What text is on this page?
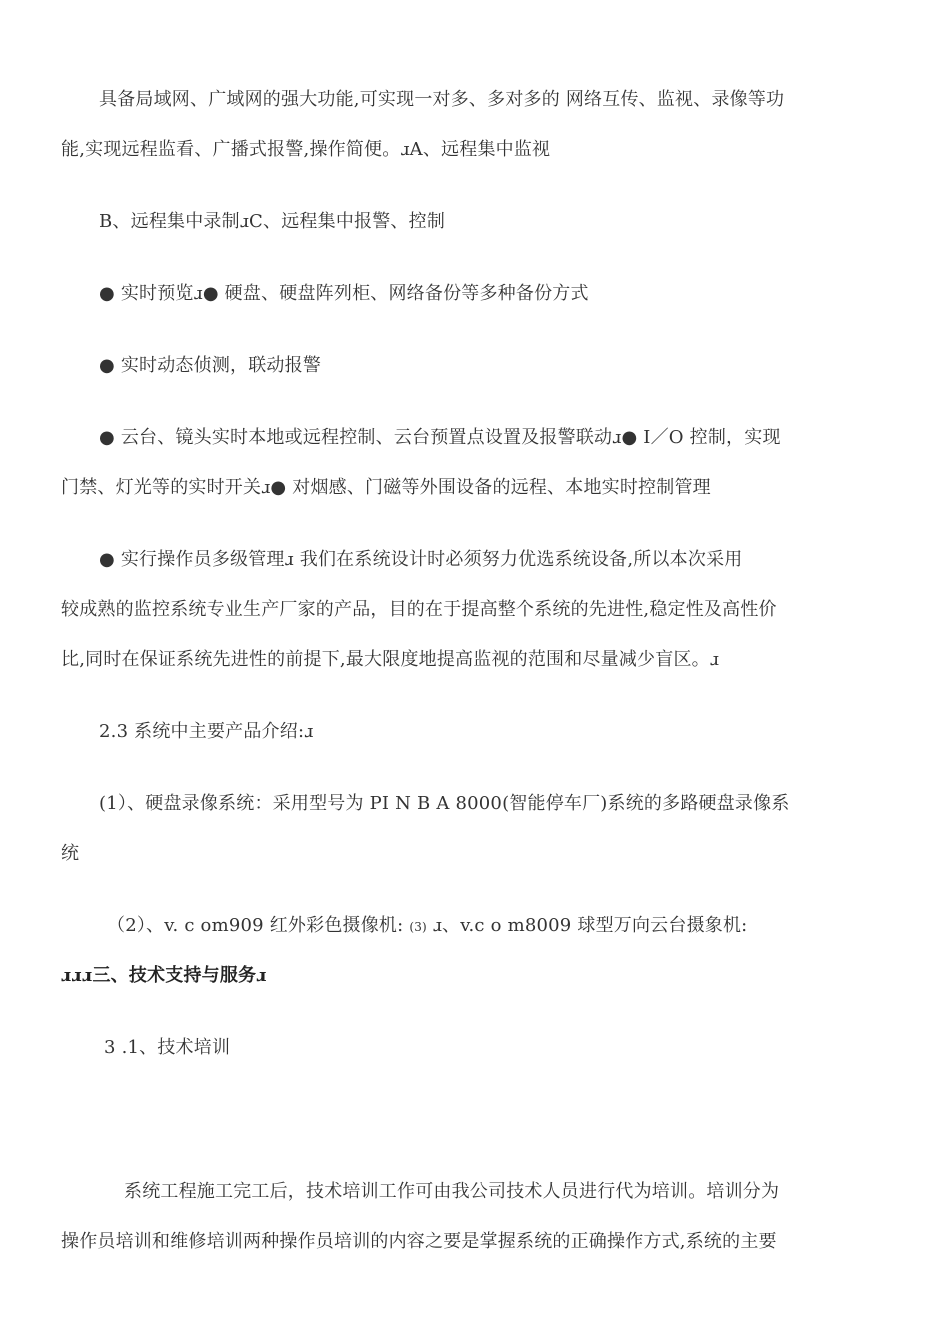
具备局域网、广域网的强大功能,可实现一对多、多对多的 网络互传、监视、录像等功
能,实现远程监看、广播式报警,操作简便。ɹA、远程集中监视
B、远程集中录制ɹC、远程集中报警、控制
● 实时预览ɹ● 硬盘、硬盘阵列柜、网络备份等多种备份方式
● 实时动态侦测，联动报警
● 云台、镜头实时本地或远程控制、云台预置点设置及报警联动ɹ● I／O 控制，实现
门禁、灯光等的实时开关ɹ● 对烟感、门磁等外围设备的远程、本地实时控制管理
● 实行操作员多级管理ɹ 我们在系统设计时必须努力优选系统设备,所以本次采用
较成熟的监控系统专业生产厂家的产品，目的在于提高整个系统的先进性,稳定性及高性价
比,同时在保证系统先进性的前提下,最大限度地提高监视的范围和尽量减少盲区。ɹ
2.3 系统中主要产品介绍:ɹ
(1）、硬盘录像系统：采用型号为 PI N B A 8000(智能停车厂)系统的多路硬盘录像系
统
（2）、v. c om909 红外彩色摄像机: (3) ɹ、v.c o m8009 球型万向云台摄象机:
ɹɹɹ三、技术支持与服务ɹ
3 .1、技术培训
系统工程施工完工后，技术培训工作可由我公司技术人员进行代为培训。培训分为
操作员培训和维修培训两种操作员培训的内容之要是掌握系统的正确操作方式,系统的主要
